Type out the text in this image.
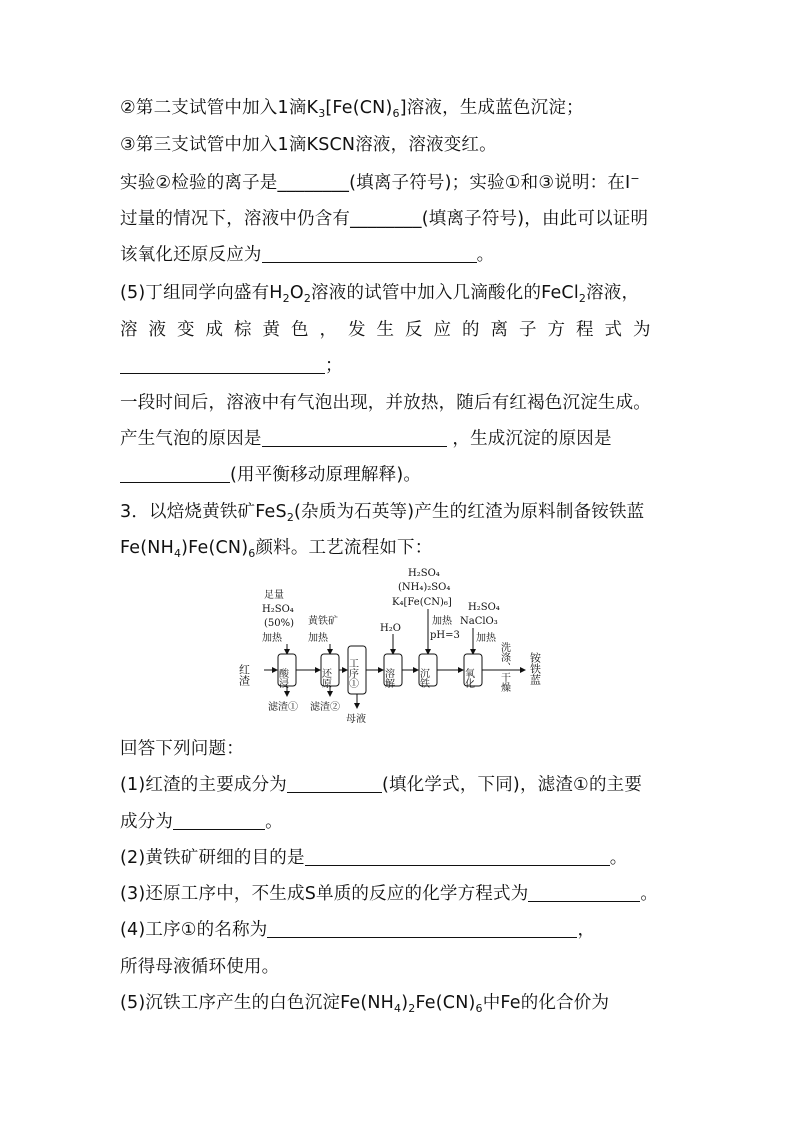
②第二支试管中加入1滴$K_3[Fe(CN)_6]$溶液，生成蓝色沉淀；
③第三支试管中加入1滴KSCN溶液，溶液变红。
实验②检验的离子是________(填离子符号)；实验①和③说明：在I−
过量的情况下，溶液中仍含有________(填离子符号)，由此可以证明
该氧化还原反应为	。
(5)丁组同学向盛有$H_2O_2$溶液的试管中加入几滴酸化的FeCl$_2$溶液，
溶液变成棕黄色，发生反应的离子方程式为
；
一段时间后，溶液中有气泡出现，并放热，随后有红褐色沉淀生成。
产生气泡的原因是	，生成沉淀的原因是
(用平衡移动原理解释)。
3．以焙烧黄铁矿FeS$_2$(杂质为石英等)产生的红渣为原料制备铵铁蓝
$Fe(NH_4)Fe(CN)_6$颜料。工艺流程如下：
足量
H₂SO₄
(50%)
加热
黄铁矿
加热
H₂O
H₂SO₄
(NH₄)₂SO₄
K₄[Fe(CN)₆]
加热
pH=3
H₂SO₄
NaClO₃
加热
红渣	酸浸	还原 工序①	溶解 沉铁	氧化
滤渣① 滤渣②
母液
洗涤、干燥 铵铁蓝
回答下列问题：
(1)红渣的主要成分为	(填化学式，下同)，滤渣①的主要
成分为	。
(2)黄铁矿研细的目的是	。
(3)还原工序中，不生成S单质的反应的化学方程式为	。
(4)工序①的名称为	，
所得母液循环使用。
(5)沉铁工序产生的白色沉淀$Fe(NH_4)_2Fe(CN)_6$中Fe的化合价为
